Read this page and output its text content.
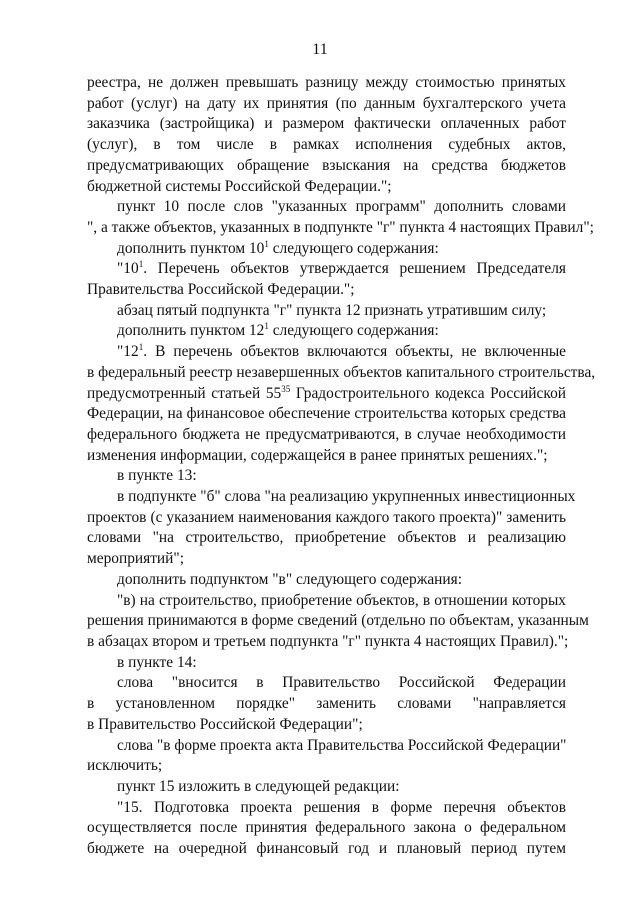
11
реестра, не должен превышать разницу между стоимостью принятых
работ (услуг) на дату их принятия (по данным бухгалтерского учета
заказчика (застройщика) и размером фактически оплаченных работ
(услуг), в том числе в рамках исполнения судебных актов,
предусматривающих обращение взыскания на средства бюджетов
бюджетной системы Российской Федерации.";
пункт 10 после слов "указанных программ" дополнить словами
", а также объектов, указанных в подпункте "г" пункта 4 настоящих Правил";
дополнить пунктом $10^1$ следующего содержания:
"$10^1$. Перечень объектов утверждается решением Председателя
Правительства Российской Федерации.";
абзац пятый подпункта "г" пункта 12 признать утратившим силу;
дополнить пунктом $12^1$ следующего содержания:
"$12^1$. В перечень объектов включаются объекты, не включенные
в федеральный реестр незавершенных объектов капитального строительства,
предусмотренный статьей $55^{35}$ Градостроительного кодекса Российской
Федерации, на финансовое обеспечение строительства которых средства
федерального бюджета не предусматриваются, в случае необходимости
изменения информации, содержащейся в ранее принятых решениях.";
в пункте 13:
в подпункте "б" слова "на реализацию укрупненных инвестиционных
проектов (с указанием наименования каждого такого проекта)" заменить
словами "на строительство, приобретение объектов и реализацию
мероприятий";
дополнить подпунктом "в" следующего содержания:
"в) на строительство, приобретение объектов, в отношении которых
решения принимаются в форме сведений (отдельно по объектам, указанным
в абзацах втором и третьем подпункта "г" пункта 4 настоящих Правил).";
в пункте 14:
слова "вносится в Правительство Российской Федерации
в установленном порядке" заменить словами "направляется
в Правительство Российской Федерации";
слова "в форме проекта акта Правительства Российской Федерации"
исключить;
пункт 15 изложить в следующей редакции:
"15. Подготовка проекта решения в форме перечня объектов
осуществляется после принятия федерального закона о федеральном
бюджете на очередной финансовый год и плановый период путем
